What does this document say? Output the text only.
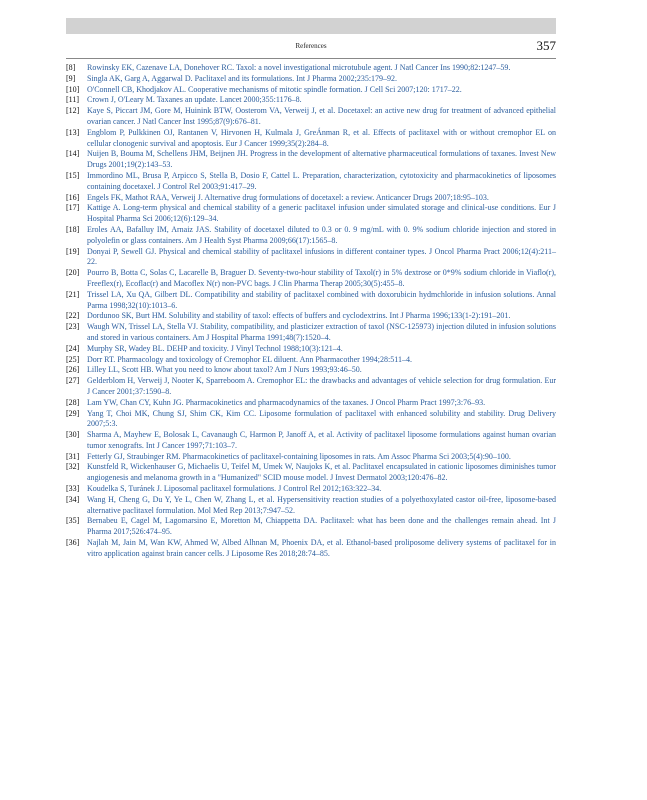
References	357
[8] Rowinsky EK, Cazenave LA, Donehover RC. Taxol: a novel investigational microtubule agent. J Natl Cancer Ins 1990;82:1247–59.
[9] Singla AK, Garg A, Aggarwal D. Paclitaxel and its formulations. Int J Pharma 2002;235:179–92.
[10] O'Connell CB, Khodjakov AL. Cooperative mechanisms of mitotic spindle formation. J Cell Sci 2007;120: 1717–22.
[11] Crown J, O'Leary M. Taxanes an update. Lancet 2000;355:1176–8.
[12] Kaye S, Piccart JM, Gore M, Huinink BTW, Oosterom VA, Verweij J, et al. Docetaxel: an active new drug for treatment of advanced epithelial ovarian cancer. J Natl Cancer Inst 1995;87(9):676–81.
[13] Engblom P, Pulkkinen OJ, Rantanen V, Hirvonen H, Kulmala J, GreÁnman R, et al. Effects of paclitaxel with or without cremophor EL on cellular clonogenic survival and apoptosis. Eur J Cancer 1999;35(2):284–8.
[14] Nuijen B, Bouma M, Schellens JHM, Beijnen JH. Progress in the development of alternative pharmaceutical formulations of taxanes. Invest New Drugs 2001;19(2):143–53.
[15] Immordino ML, Brusa P, Arpicco S, Stella B, Dosio F, Cattel L. Preparation, characterization, cytotoxicity and pharmacokinetics of liposomes containing docetaxel. J Control Rel 2003;91:417–29.
[16] Engels FK, Mathot RAA, Verweij J. Alternative drug formulations of docetaxel: a review. Anticancer Drugs 2007;18:95–103.
[17] Kattige A. Long-term physical and chemical stability of a generic paclitaxel infusion under simulated storage and clinical-use conditions. Eur J Hospital Pharma Sci 2006;12(6):129–34.
[18] Eroles AA, Bafalluy IM, Arnaiz JAS. Stability of docetaxel diluted to 0.3 or 0. 9 mg/mL with 0. 9% sodium chloride injection and stored in polyolefin or glass containers. Am J Health Syst Pharma 2009;66(17):1565–8.
[19] Donyai P, Sewell GJ. Physical and chemical stability of paclitaxel infusions in different container types. J Oncol Pharma Pract 2006;12(4):211–22.
[20] Pourro B, Botta C, Solas C, Lacarelle B, Braguer D. Seventy-two-hour stability of Taxol(r) in 5% dextrose or 0*9% sodium chloride in Viaflo(r), Freeflex(r), Ecoflac(r) and Macoflex N(r) non-PVC bags. J Clin Pharma Therap 2005;30(5):455–8.
[21] Trissel LA, Xu QA, Gilbert DL. Compatibility and stability of paclitaxel combined with doxorubicin hydmchloride in infusion solutions. Annal Parma 1998;32(10):1013–6.
[22] Dordunoo SK, Burt HM. Solubility and stability of taxol: effects of buffers and cyclodextrins. Int J Pharma 1996;133(1-2):191–201.
[23] Waugh WN, Trissel LA, Stella VJ. Stability, compatibility, and plasticizer extraction of taxol (NSC-125973) injection diluted in infusion solutions and stored in various containers. Am J Hospital Pharma 1991;48(7):1520–4.
[24] Murphy SR, Wadey BL. DEHP and toxicity. J Vinyl Technol 1988;10(3):121–4.
[25] Dorr RT. Pharmacology and toxicology of Cremophor EL diluent. Ann Pharmacother 1994;28:511–4.
[26] Lilley LL, Scott HB. What you need to know about taxol? Am J Nurs 1993;93:46–50.
[27] Gelderblom H, Verweij J, Nooter K, Sparreboom A. Cremophor EL: the drawbacks and advantages of vehicle selection for drug formulation. Eur J Cancer 2001;37:1590–8.
[28] Lam YW, Chan CY, Kuhn JG. Pharmacokinetics and pharmacodynamics of the taxanes. J Oncol Pharm Pract 1997;3:76–93.
[29] Yang T, Choi MK, Chung SJ, Shim CK, Kim CC. Liposome formulation of paclitaxel with enhanced solubility and stability. Drug Delivery 2007;5:3.
[30] Sharma A, Mayhew E, Bolosak L, Cavanaugh C, Harmon P, Janoff A, et al. Activity of paclitaxel liposome formulations against human ovarian tumor xenografts. Int J Cancer 1997;71:103–7.
[31] Fetterly GJ, Straubinger RM. Pharmacokinetics of paclitaxel-containing liposomes in rats. Am Assoc Pharma Sci 2003;5(4):90–100.
[32] Kunstfeld R, Wickenhauser G, Michaelis U, Teifel M, Umek W, Naujoks K, et al. Paclitaxel encapsulated in cationic liposomes diminishes tumor angiogenesis and melanoma growth in a "Humanized" SCID mouse model. J Invest Dermatol 2003;120:476–82.
[33] Koudelka S, Turánek J. Liposomal paclitaxel formulations. J Control Rel 2012;163:322–34.
[34] Wang H, Cheng G, Du Y, Ye L, Chen W, Zhang L, et al. Hypersensitivity reaction studies of a polyethoxylated castor oil-free, liposome-based alternative paclitaxel formulation. Mol Med Rep 2013;7:947–52.
[35] Bernabeu E, Cagel M, Lagomarsino E, Moretton M, Chiappetta DA. Paclitaxel: what has been done and the challenges remain ahead. Int J Pharma 2017;526:474–95.
[36] Najlah M, Jain M, Wan KW, Ahmed W, Albed Alhnan M, Phoenix DA, et al. Ethanol-based proliposome delivery systems of paclitaxel for in vitro application against brain cancer cells. J Liposome Res 2018;28:74–85.
